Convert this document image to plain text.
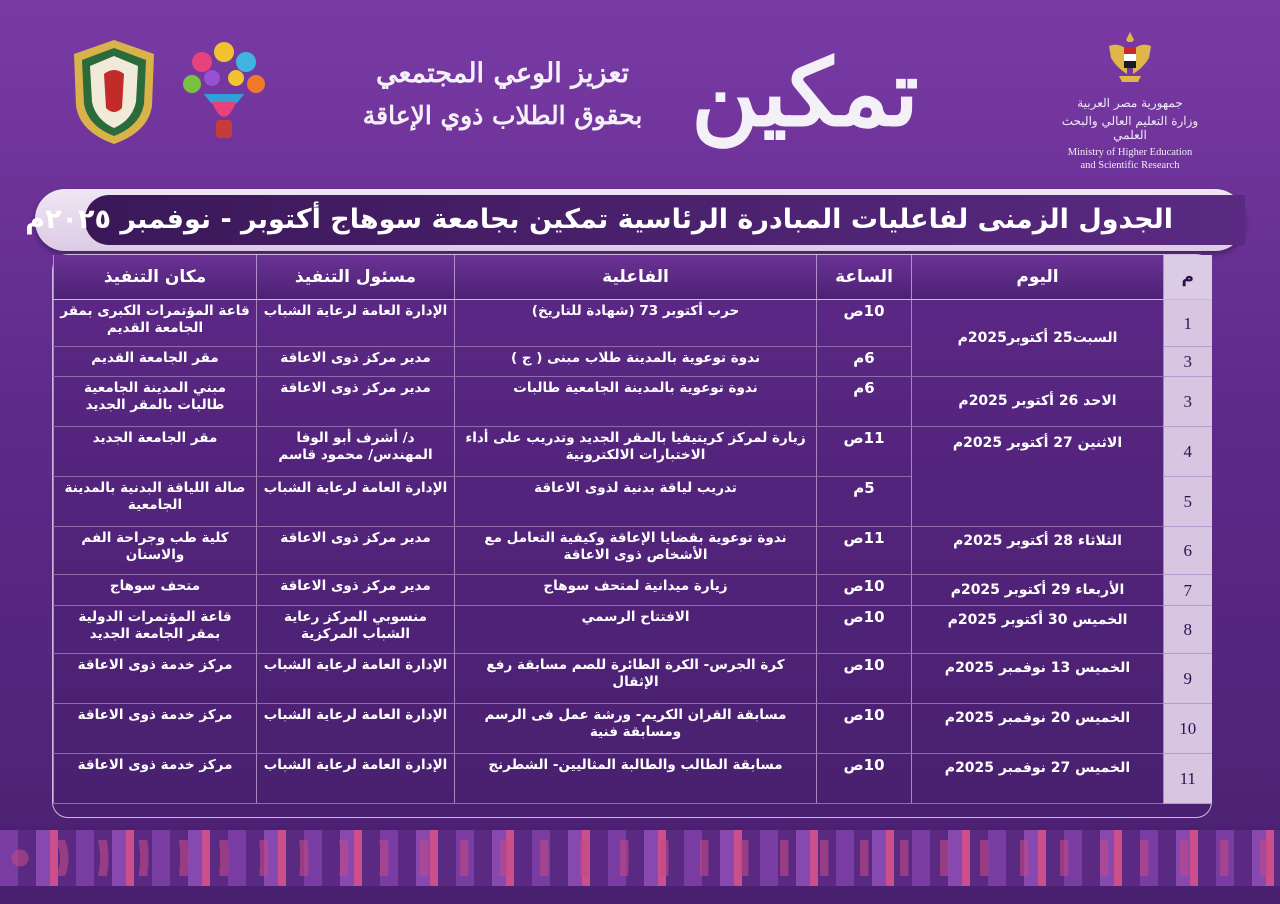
جمهورية مصر العربية
وزارة التعليم العالي والبحث العلمي
Ministry of Higher Education
and Scientific Research
تمكين
تعزيز الوعي المجتمعي
بحقوق الطلاب ذوي الإعاقة
الجدول الزمنى لفاعليات المبادرة الرئاسية تمكين بجامعة سوهاج أكتوبر - نوفمبر ٢٠٢٥م
م	اليوم	الساعة	الفاعلية	مسئول التنفيذ	مكان التنفيذ
1	السبت25 أكتوبر2025م	10ص	حرب أكتوبر 73 (شهادة للتاريخ)	الإدارة العامة لرعاية الشباب	قاعة المؤتمرات الكبرى بمقر الجامعة القديم
3		6م	ندوة توعوية بالمدينة طلاب مبنى ( ج )	مدير مركز ذوى الاعاقة	مقر الجامعة القديم
3	الاحد 26 أكتوبر 2025م	6م	ندوة توعوية بالمدينة الجامعية طالبات	مدير مركز ذوى الاعاقة	مبني المدينة الجامعية طالبات بالمقر الجديد
4	الاثنين 27 أكتوبر 2025م	11ص	زيارة لمركز كريتيفيا بالمقر الجديد وتدريب على أداء الاختبارات الالكترونية	د/ أشرف أبو الوفا المهندس/ محمود قاسم	مقر الجامعة الجديد
5		5م	تدريب لياقة بدنية لذوى الاعاقة	الإدارة العامة لرعاية الشباب	صالة اللياقة البدنية بالمدينة الجامعية
6	الثلاثاء 28 أكتوبر 2025م	11ص	ندوة توعوية بقضايا الإعاقة وكيفية التعامل مع الأشخاص ذوى الاعاقة	مدير مركز ذوى الاعاقة	كلية طب وجراحة الفم والاسنان
7	الأربعاء 29 أكتوبر 2025م	10ص	زيارة ميدانية لمتحف سوهاج	مدير مركز ذوى الاعاقة	متحف سوهاج
8	الخميس 30 أكتوبر 2025م	10ص	الافتتاح الرسمي	منسوبي المركز رعاية الشباب المركزية	قاعة المؤتمرات الدولية بمقر الجامعة الجديد
9	الخميس 13 نوفمبر 2025م	10ص	كرة الجرس- الكرة الطائرة للصم مسابقة رفع الإثقال	الإدارة العامة لرعاية الشباب	مركز خدمة ذوى الاعاقة
10	الخميس 20 نوفمبر 2025م	10ص	مسابقة القران الكريم- ورشة عمل فى الرسم ومسابقة فنية	الإدارة العامة لرعاية الشباب	مركز خدمة ذوى الاعاقة
11	الخميس 27 نوفمبر 2025م	10ص	مسابقة الطالب والطالبة المثاليين- الشطرنج	الإدارة العامة لرعاية الشباب	مركز خدمة ذوى الاعاقة
